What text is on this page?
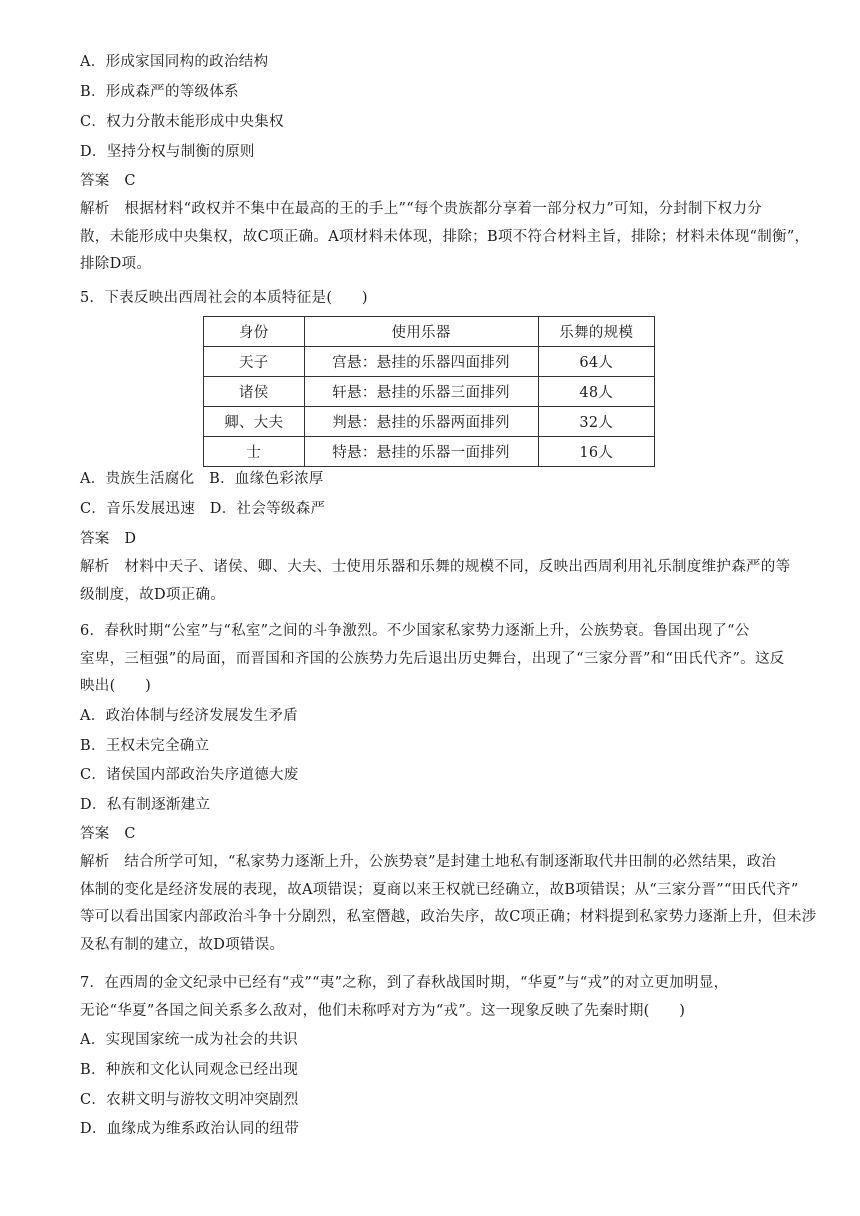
A．形成家国同构的政治结构
B．形成森严的等级体系
C．权力分散未能形成中央集权
D．坚持分权与制衡的原则
答案　C
解析　根据材料“政权并不集中在最高的王的手上”“每个贵族都分享着一部分权力”可知，分封制下权力分
散，未能形成中央集权，故C项正确。A项材料未体现，排除；B项不符合材料主旨，排除；材料未体现“制衡”，
排除D项。
5．下表反映出西周社会的本质特征是(　　)
身份	使用乐器	乐舞的规模
天子	宫悬：悬挂的乐器四面排列	64人
诸侯	轩悬：悬挂的乐器三面排列	48人
卿、大夫	判悬：悬挂的乐器两面排列	32人
士	特悬：悬挂的乐器一面排列	16人
A．贵族生活腐化　B．血缘色彩浓厚
C．音乐发展迅速　D．社会等级森严
答案　D
解析　材料中天子、诸侯、卿、大夫、士使用乐器和乐舞的规模不同，反映出西周利用礼乐制度维护森严的等
级制度，故D项正确。
6．春秋时期“公室”与“私室”之间的斗争激烈。不少国家私家势力逐渐上升，公族势衰。鲁国出现了“公
室卑，三桓强”的局面，而晋国和齐国的公族势力先后退出历史舞台，出现了“三家分晋”和“田氏代齐”。这反
映出(　　)
A．政治体制与经济发展发生矛盾
B．王权未完全确立
C．诸侯国内部政治失序道德大废
D．私有制逐渐建立
答案　C
解析　结合所学可知，“私家势力逐渐上升，公族势衰”是封建土地私有制逐渐取代井田制的必然结果，政治
体制的变化是经济发展的表现，故A项错误；夏商以来王权就已经确立，故B项错误；从“三家分晋”“田氏代齐”
等可以看出国家内部政治斗争十分剧烈，私室僭越，政治失序，故C项正确；材料提到私家势力逐渐上升，但未涉
及私有制的建立，故D项错误。
7．在西周的金文纪录中已经有“戎”“夷”之称，到了春秋战国时期，“华夏”与“戎”的对立更加明显，
无论“华夏”各国之间关系多么敌对，他们未称呼对方为“戎”。这一现象反映了先秦时期(　　)
A．实现国家统一成为社会的共识
B．种族和文化认同观念已经出现
C．农耕文明与游牧文明冲突剧烈
D．血缘成为维系政治认同的纽带
